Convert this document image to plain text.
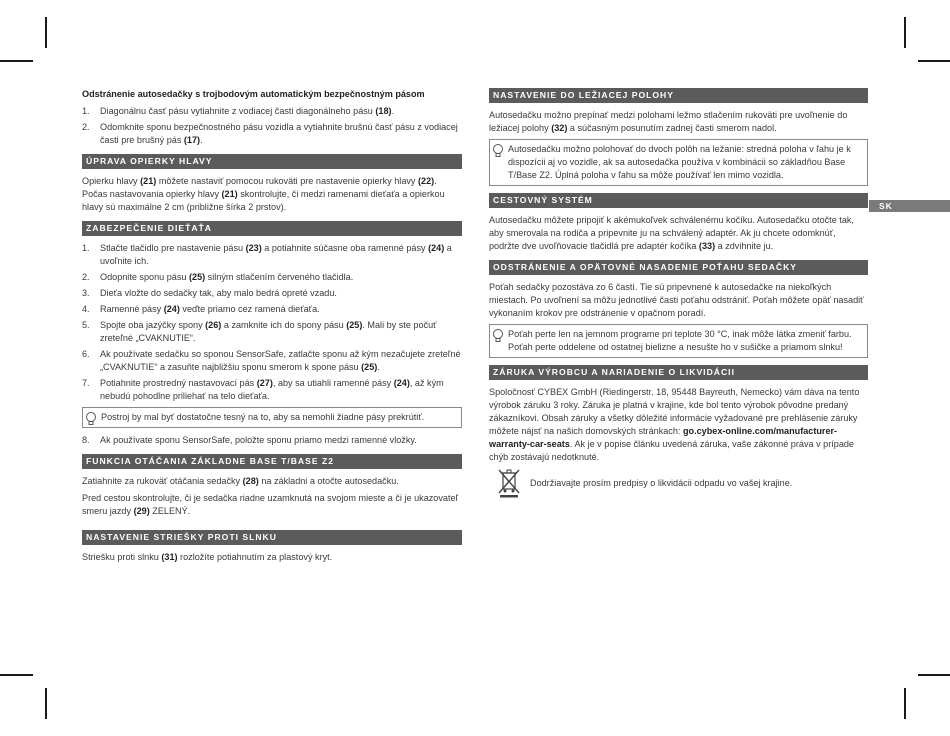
SK

Odstránenie autosedačky s trojbodovým automatickým bezpečnostným pásom

1.	Diagonálnu časť pásu vytiahnite z vodiacej časti diagonálneho pásu (18).
2.	Odomknite sponu bezpečnostného pásu vozidla a vytiahnite brušnú časť pásu z vodiacej časti pre brušný pás (17).
ÚPRAVA OPIERKY HLAVY

Opierku hlavy (21) môžete nastaviť pomocou rukoväti pre nastavenie opierky hlavy (22). Počas nastavovania opierky hlavy (21) skontrolujte, či medzi ramenami dieťaťa a opierkou hlavy sú maximálne 2 cm (približne šírka 2 prstov).

ZABEZPEČENIE DIEŤAŤA
1.	Stlačte tlačidlo pre nastavenie pásu (23) a potiahnite súčasne oba ramenné pásy (24) a uvoľnite ich.
2.	Odopnite sponu pásu (25) silným stlačením červeného tlačidla.
3.	Dieťa vložte do sedačky tak, aby malo bedrá opreté vzadu.
4.	Ramenné pásy (24) veďte priamo cez ramená dieťaťa.
5.	Spojte oba jazýčky spony (26) a zamknite ich do spony pásu (25). Mali by ste počuť zreteľné „CVAKNUTIE“.
6.	Ak používate sedačku so sponou SensorSafe, zatlačte sponu až kým nezačujete zreteľné „CVAKNUTIE“ a zasuňte najbližšiu sponu smerom k spone pásu (25).
7.	Potiahnite prostredný nastavovací pás (27), aby sa utiahli ramenné pásy (24), až kým nebudú pohodlne priliehať na telo dieťaťa.
Postroj by mal byť dostatočne tesný na to, aby sa nemohli žiadne pásy prekrútiť.
8.	Ak používate sponu SensorSafe, položte sponu priamo medzi ramenné vložky.
FUNKCIA OTÁČANIA ZÁKLADNE BASE T/BASE Z2

Zatiahnite za rukoväť otáčania sedačky (28) na základni a otočte autosedačku.

Pred cestou skontrolujte, či je sedačka riadne uzamknutá na svojom mieste a či je ukazovateľ smeru jazdy (29) ZELENÝ.

NASTAVENIE STRIEŠKY PROTI SLNKU

Striešku proti slnku (31) rozložíte potiahnutím za plastový kryt.

NASTAVENIE DO LEŽIACEJ POLOHY

Autosedačku možno prepínať medzi polohami ležmo stlačením rukoväti pre uvoľnenie do ležiacej polohy (32) a súčasným posunutím zadnej časti smerom nadol.

Autosedačku možno polohovať do dvoch polôh na ležanie: stredná poloha v ľahu je k dispozícii aj vo vozidle, ak sa autosedačka používa v kombinácii so základňou Base T/Base Z2. Úplná poloha v ľahu sa môže používať len mimo vozidla.
CESTOVNÝ SYSTÉM

Autosedačku môžete pripojiť k akémukoľvek schválenému kočíku. Autosedačku otočte tak, aby smerovala na rodiča a pripevnite ju na schválený adaptér. Ak ju chcete odomknúť, podržte dve uvoľňovacie tlačidlá pre adaptér kočíka (33) a zdvihnite ju.

ODSTRÁNENIE A OPÄTOVNÉ NASADENIE POŤAHU SEDAČKY

Poťah sedačky pozostáva zo 6 častí. Tie sú pripevnené k autosedačke na niekoľkých miestach. Po uvoľnení sa môžu jednotlivé časti poťahu odstrániť. Poťah môžete opäť nasadiť vykonaním krokov pre odstránenie v opačnom poradí.

Poťah perte len na jemnom programe pri teplote 30 °C, inak môže látka zmeniť farbu. Poťah perte oddelene od ostatnej bielizne a nesušte ho v sušičke a priamom slnku!
ZÁRUKA VÝROBCU A NARIADENIE O LIKVIDÁCII

Spoločnosť CYBEX GmbH (Riedingerstr. 18, 95448 Bayreuth, Nemecko) vám dáva na tento výrobok záruku 3 roky. Záruka je platná v krajine, kde bol tento výrobok pôvodne predaný zákazníkovi. Obsah záruky a všetky dôležité informácie vyžadované pre prehlásenie záruky môžete nájsť na našich domovských stránkach: go.cybex-online.com/manufacturer-warranty-car-seats. Ak je v popise článku uvedená záruka, vaše zákonné práva v prípade chýb zostávajú nedotknuté.

Dodržiavajte prosím predpisy o likvidácii odpadu vo vašej krajine.
